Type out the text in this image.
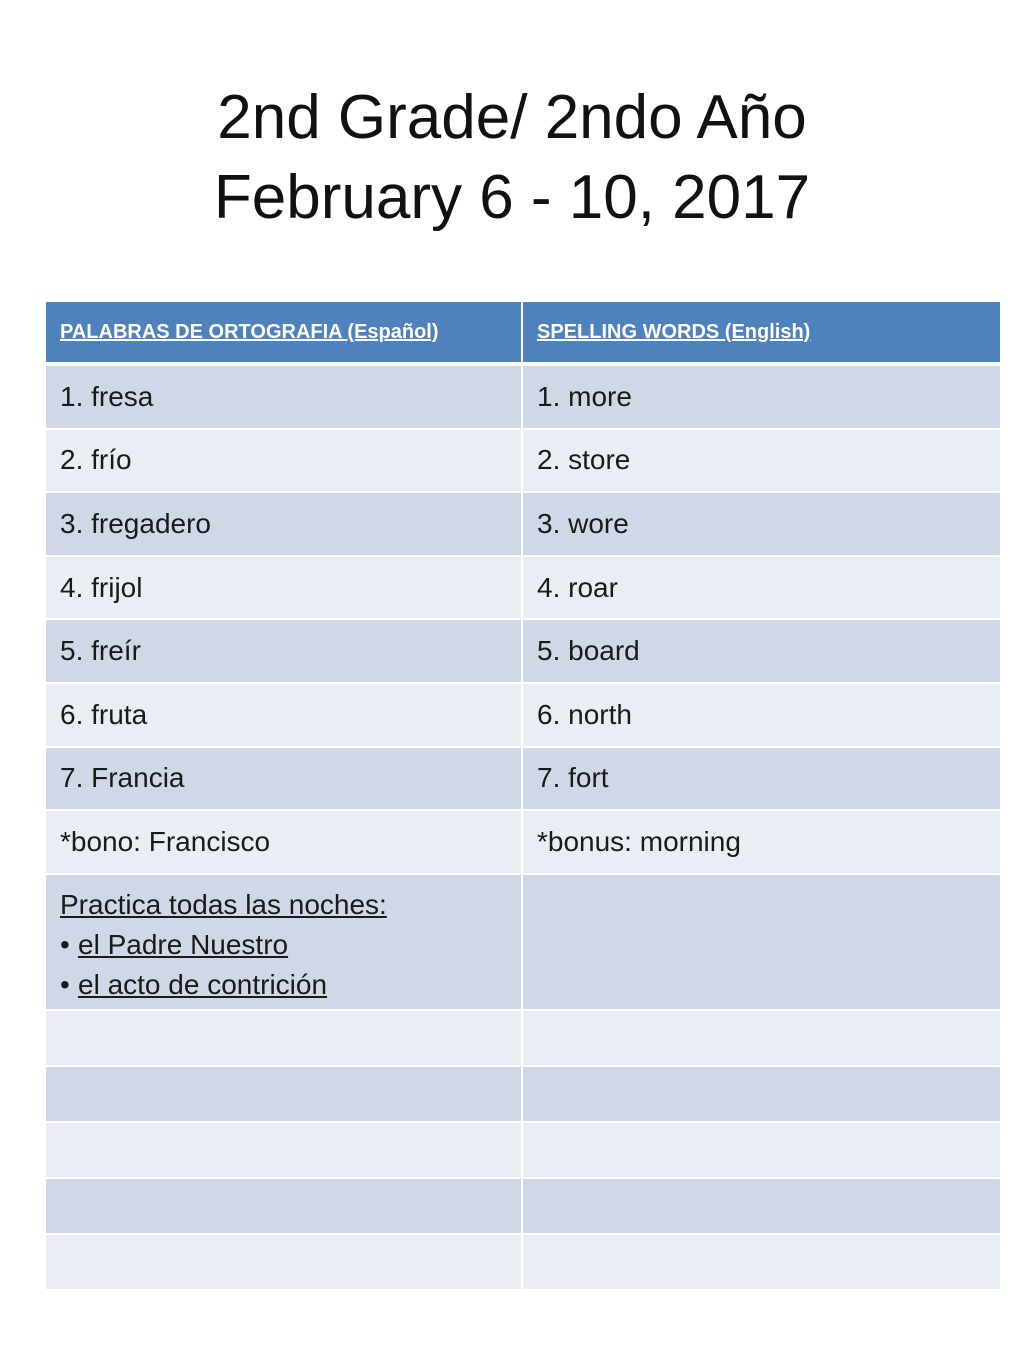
2nd Grade/ 2ndo Año
February 6 - 10, 2017
PALABRAS DE ORTOGRAFIA (Español)	SPELLING WORDS (English)
1. fresa	1. more
2. frío	2. store
3. fregadero	3. wore
4. frijol	4. roar
5. freír	5. board
6. fruta	6. north
7. Francia	7. fort
*bono: Francisco	*bonus: morning
Practica todas las noches:
• el Padre Nuestro
• el acto de contrición
